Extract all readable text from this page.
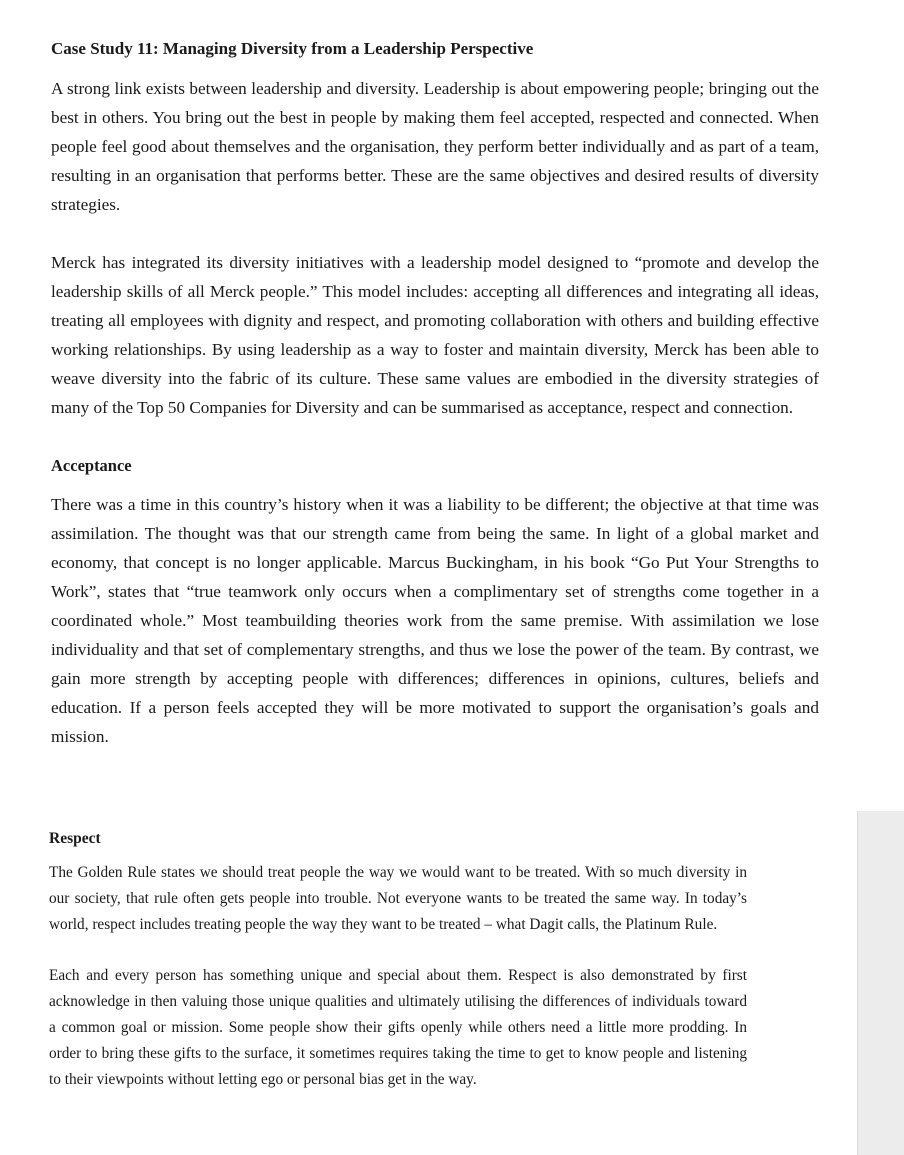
Case Study 11: Managing Diversity from a Leadership Perspective

A strong link exists between leadership and diversity. Leadership is about empowering people; bringing out the best in others. You bring out the best in people by making them feel accepted, respected and connected. When people feel good about themselves and the organisation, they perform better individually and as part of a team, resulting in an organisation that performs better. These are the same objectives and desired results of diversity strategies.

Merck has integrated its diversity initiatives with a leadership model designed to “promote and develop the leadership skills of all Merck people.” This model includes: accepting all differences and integrating all ideas, treating all employees with dignity and respect, and promoting collaboration with others and building effective working relationships. By using leadership as a way to foster and maintain diversity, Merck has been able to weave diversity into the fabric of its culture. These same values are embodied in the diversity strategies of many of the Top 50 Companies for Diversity and can be summarised as acceptance, respect and connection.

Acceptance

There was a time in this country’s history when it was a liability to be different; the objective at that time was assimilation. The thought was that our strength came from being the same. In light of a global market and economy, that concept is no longer applicable. Marcus Buckingham, in his book “Go Put Your Strengths to Work”, states that “true teamwork only occurs when a complimentary set of strengths come together in a coordinated whole.” Most teambuilding theories work from the same premise. With assimilation we lose individuality and that set of complementary strengths, and thus we lose the power of the team. By contrast, we gain more strength by accepting people with differences; differences in opinions, cultures, beliefs and education. If a person feels accepted they will be more motivated to support the organisation’s goals and mission.

Respect

The Golden Rule states we should treat people the way we would want to be treated. With so much diversity in our society, that rule often gets people into trouble. Not everyone wants to be treated the same way. In today’s world, respect includes treating people the way they want to be treated – what Dagit calls, the Platinum Rule.

Each and every person has something unique and special about them. Respect is also demonstrated by first acknowledge in then valuing those unique qualities and ultimately utilising the differences of individuals toward a common goal or mission. Some people show their gifts openly while others need a little more prodding. In order to bring these gifts to the surface, it sometimes requires taking the time to get to know people and listening to their viewpoints without letting ego or personal bias get in the way.
